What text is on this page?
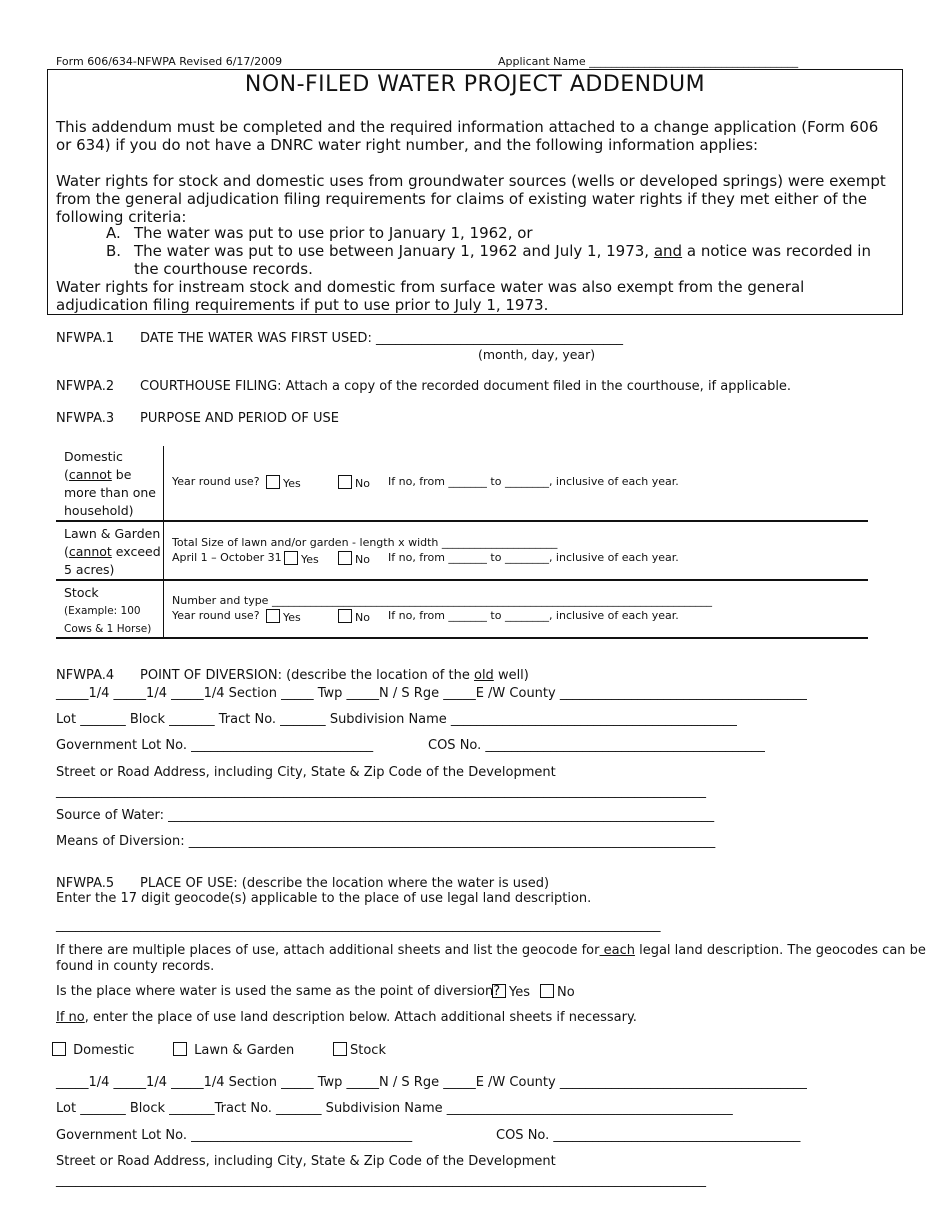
Form 606/634-NFWPA Revised 6/17/2009	Applicant Name ______________________________________
NON-FILED WATER PROJECT ADDENDUM
This addendum must be completed and the required information attached to a change application (Form 606 or 634) if you do not have a DNRC water right number, and the following information applies:
Water rights for stock and domestic uses from groundwater sources (wells or developed springs) were exempt from the general adjudication filing requirements for claims of existing water rights if they met either of the following criteria:
A. The water was put to use prior to January 1, 1962, or
B. The water was put to use between January 1, 1962 and July 1, 1973, and a notice was recorded in the courthouse records.
Water rights for instream stock and domestic from surface water was also exempt from the general adjudication filing requirements if put to use prior to July 1, 1973.
NFWPA.1 DATE THE WATER WAS FIRST USED: ______________________________________
(month, day, year)
NFWPA.2 COURTHOUSE FILING: Attach a copy of the recorded document filed in the courthouse, if applicable.
NFWPA.3 PURPOSE AND PERIOD OF USE
Domestic
(cannot be
more than one
household)
Year round use?	Yes	No If no, from _______ to ________, inclusive of each year.
Lawn & Garden
(cannot exceed
5 acres)
Total Size of lawn and/or garden - length x width _____________________
April 1 – October 31	Yes	No If no, from _______ to ________, inclusive of each year.
Stock
(Example: 100
Cows & 1 Horse)
Number and type ________________________________________________________________________________
Year round use?	Yes	No If no, from _______ to ________, inclusive of each year.
NFWPA.4 POINT OF DIVERSION: (describe the location of the old well)
_____1/4 _____1/4 _____1/4 Section _____ Twp _____N / S Rge _____E /W County ______________________________________
Lot _______ Block _______ Tract No. _______ Subdivision Name ____________________________________________
Government Lot No. ____________________________	COS No. ___________________________________________
Street or Road Address, including City, State & Zip Code of the Development
____________________________________________________________________________________________________
Source of Water: ____________________________________________________________________________________
Means of Diversion: _________________________________________________________________________________
NFWPA.5 PLACE OF USE: (describe the location where the water is used)
Enter the 17 digit geocode(s) applicable to the place of use legal land description.
_____________________________________________________________________________________________
If there are multiple places of use, attach additional sheets and list the geocode for each legal land description. The geocodes can be
found in county records.
Is the place where water is used the same as the point of diversion? Yes	No
If no, enter the place of use land description below. Attach additional sheets if necessary.
Domestic	Lawn & Garden	Stock
_____1/4 _____1/4 _____1/4 Section _____ Twp _____N / S Rge _____E /W County ______________________________________
Lot _______ Block _______Tract No. _______ Subdivision Name ____________________________________________
Government Lot No. __________________________________	COS No. ______________________________________
Street or Road Address, including City, State & Zip Code of the Development
____________________________________________________________________________________________________
